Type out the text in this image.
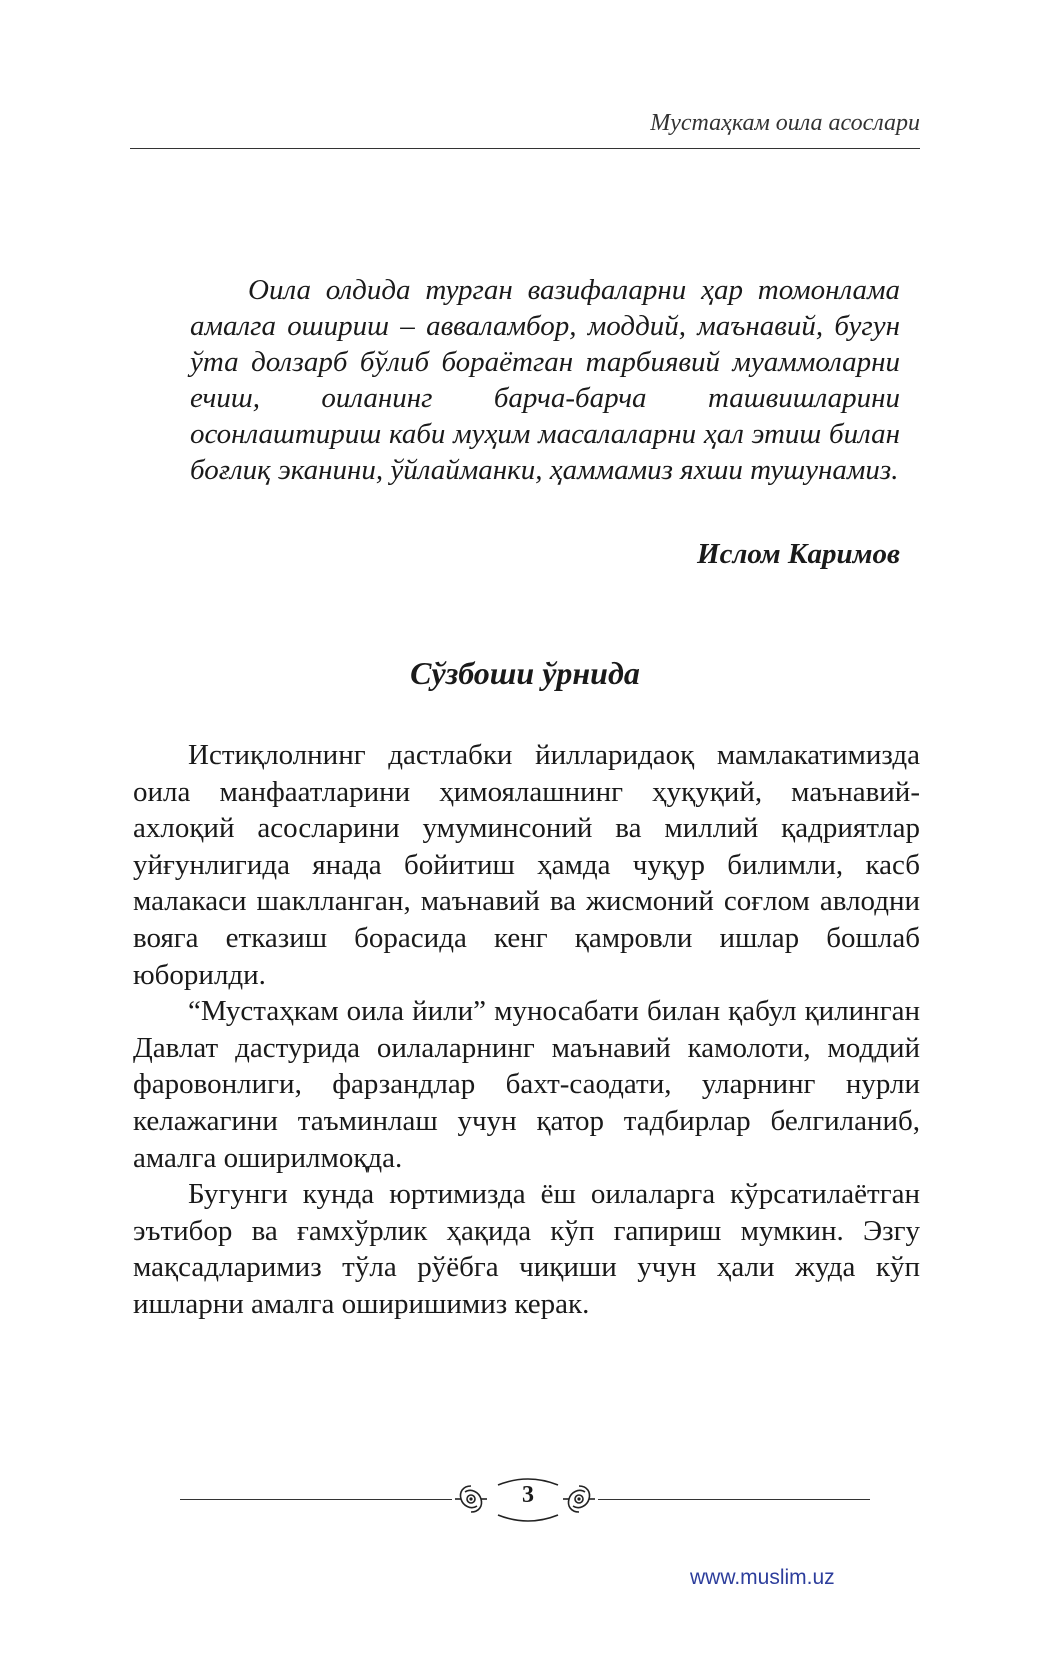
Мустаҳкам оила асослари

Оила олдида турган вазифаларни ҳар томонлама амалга ошириш – авваламбор, моддий, маънавий, бугун ўта долзарб бўлиб бораётган тарбиявий муаммоларни ечиш, оиланинг барча-барча ташвишларини осонлаштириш каби муҳим масалаларни ҳал этиш билан боғлиқ эканини, ўйлайманки, ҳаммамиз яхши тушунамиз.

Ислом Каримов
Сўзбоши ўрнида

Истиқлолнинг дастлабки йилларидаоқ мамлакатимизда оила манфаатларини ҳимоялашнинг ҳуқуқий, маънавий-ахлоқий асосларини умуминсоний ва миллий қадриятлар уйғунлигида янада бойитиш ҳамда чуқур билимли, касб малакаси шаклланган, маънавий ва жисмоний соғлом авлодни вояга етказиш борасида кенг қамровли ишлар бошлаб юборилди.

“Мустаҳкам оила йили” муносабати билан қабул қилинган Давлат дастурида оилаларнинг маънавий камолоти, моддий фаровонлиги, фарзандлар бахт-саодати, уларнинг нурли келажагини таъминлаш учун қатор тадбирлар белгиланиб, амалга оширилмоқда.

Бугунги кунда юртимизда ёш оилаларга кўрсатилаётган эътибор ва ғамхўрлик ҳақида кўп гапириш мумкин. Эзгу мақсадларимиз тўла рўёбга чиқиши учун ҳали жуда кўп ишларни амалга оширишимиз керак.

3
www.muslim.uz
